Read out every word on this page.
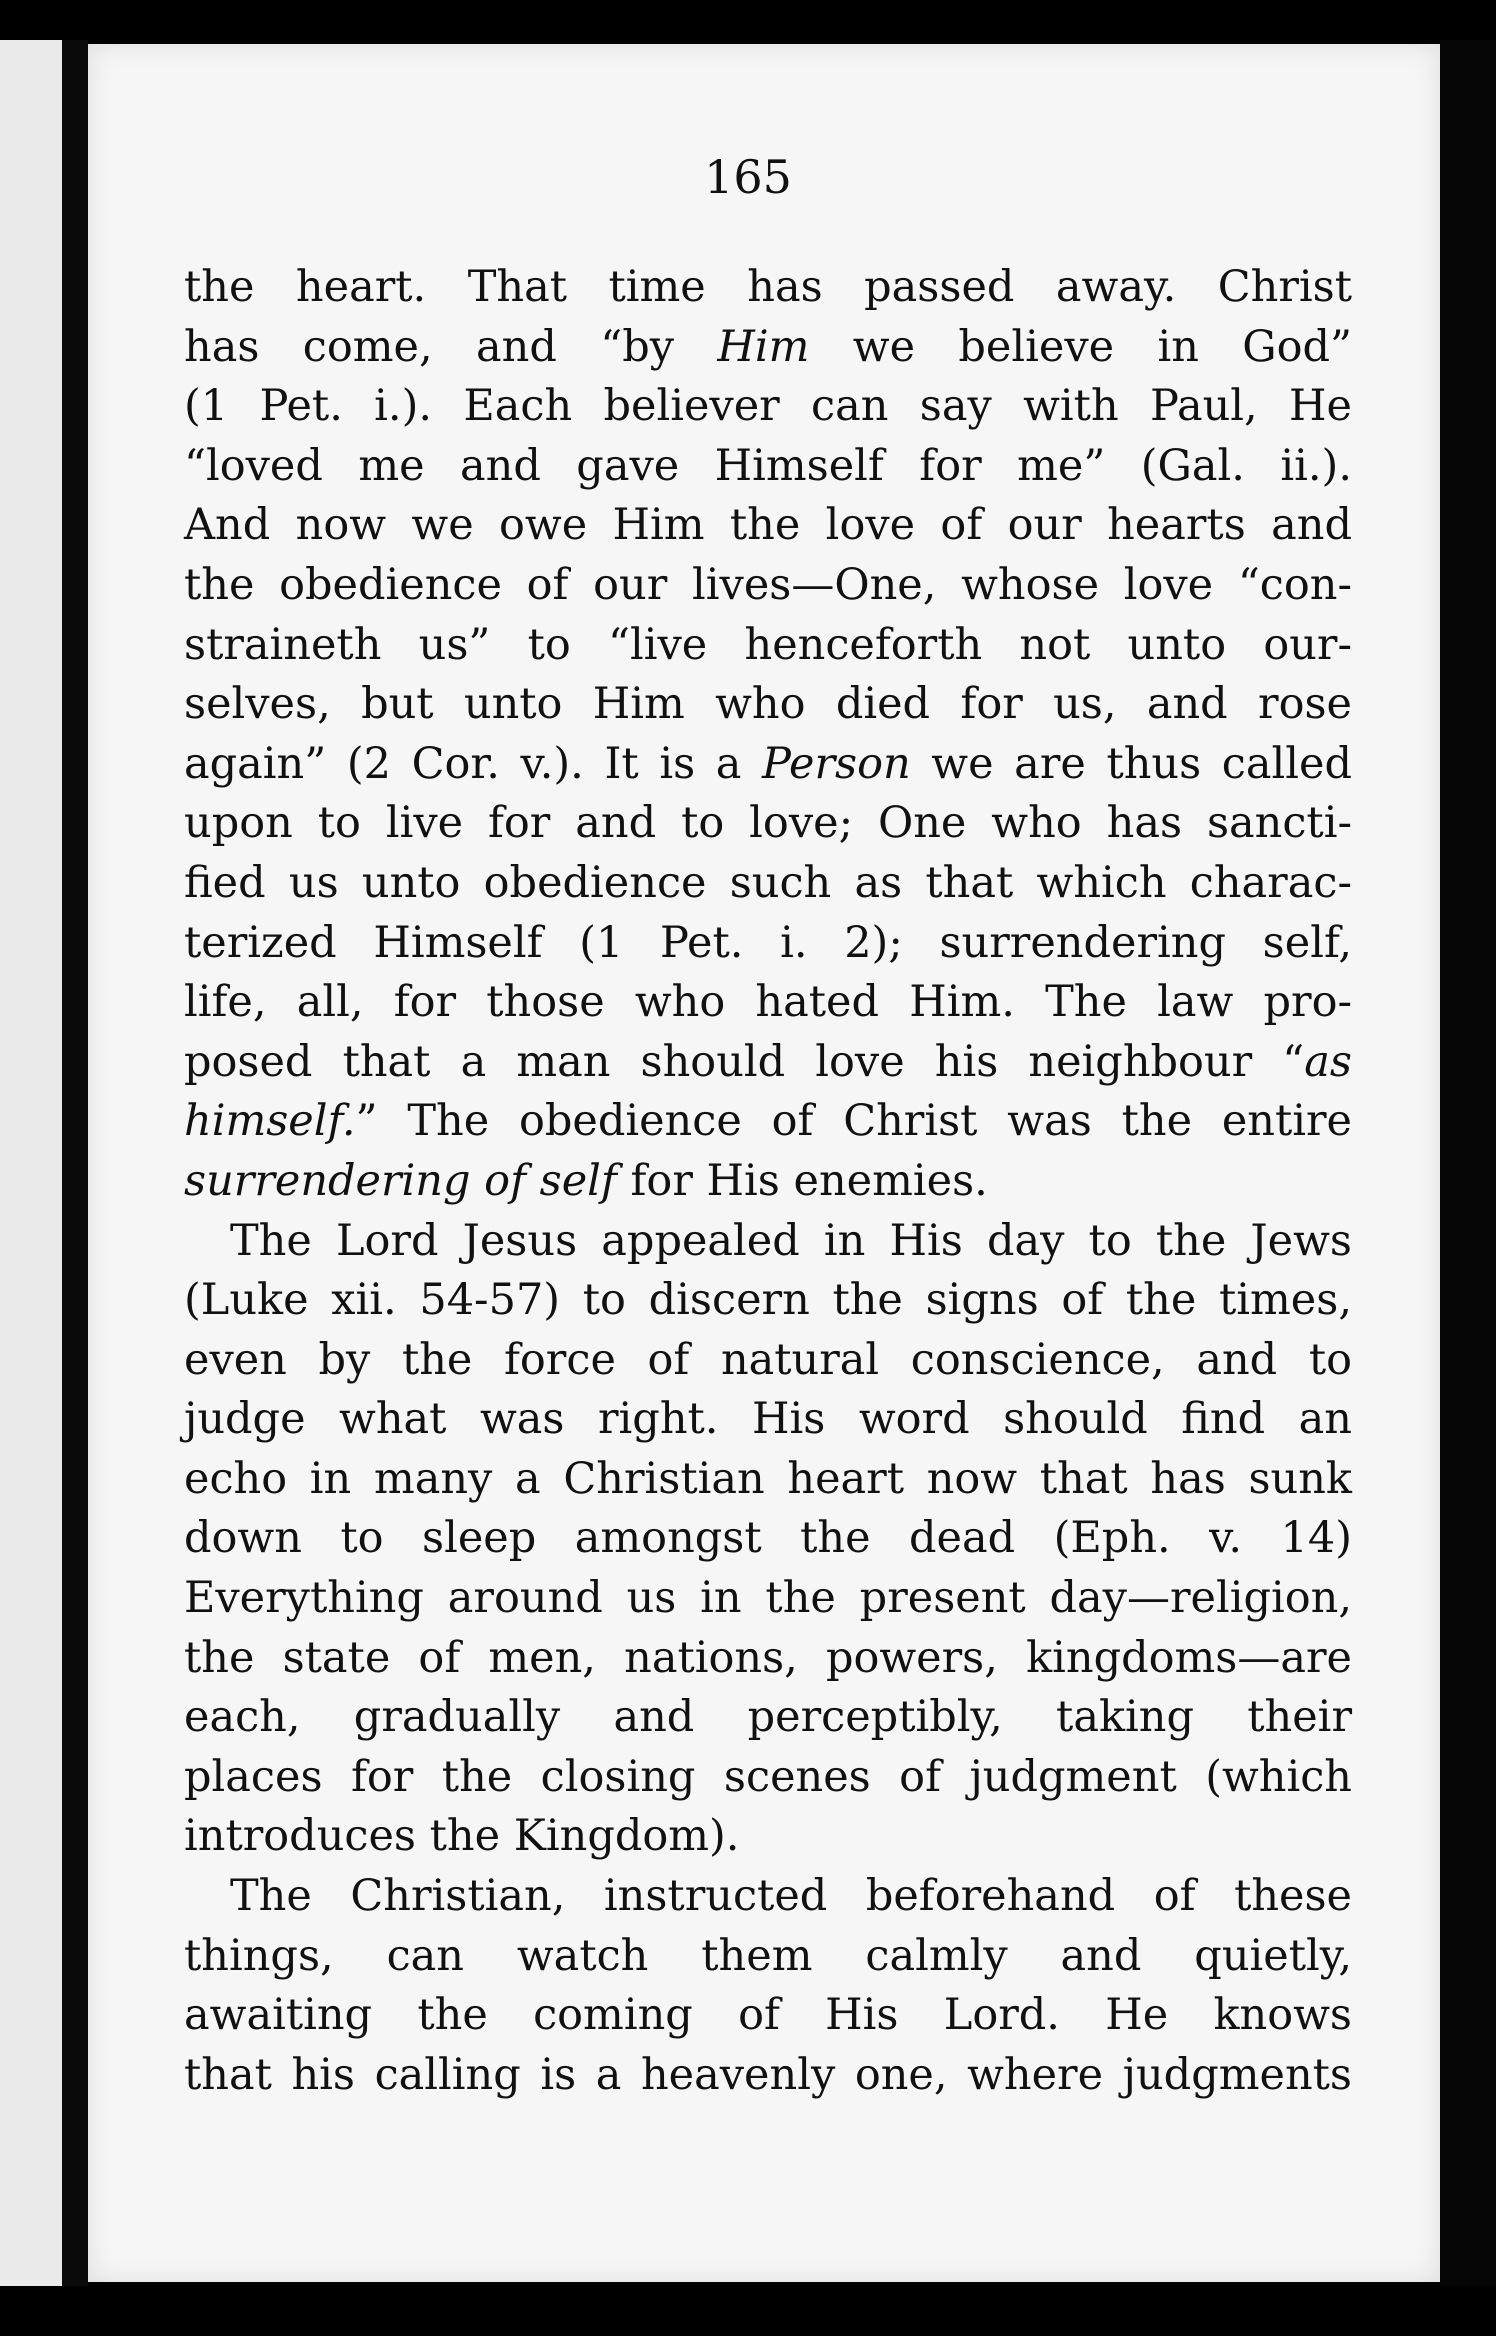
165
the heart. That time has passed away. Christ
has come, and “by Him we believe in God”
(1 Pet. i.). Each believer can say with Paul, He
“loved me and gave Himself for me” (Gal. ii.).
And now we owe Him the love of our hearts and
the obedience of our lives—One, whose love “con-
straineth us” to “live henceforth not unto our-
selves, but unto Him who died for us, and rose
again” (2 Cor. v.). It is a Person we are thus called
upon to live for and to love; One who has sancti-
fied us unto obedience such as that which charac-
terized Himself (1 Pet. i. 2); surrendering self,
life, all, for those who hated Him. The law pro-
posed that a man should love his neighbour “as
himself.” The obedience of Christ was the entire
surrendering of self for His enemies.
The Lord Jesus appealed in His day to the Jews
(Luke xii. 54-57) to discern the signs of the times,
even by the force of natural conscience, and to
judge what was right. His word should find an
echo in many a Christian heart now that has sunk
down to sleep amongst the dead (Eph. v. 14)
Everything around us in the present day—religion,
the state of men, nations, powers, kingdoms—are
each, gradually and perceptibly, taking their
places for the closing scenes of judgment (which
introduces the Kingdom).
The Christian, instructed beforehand of these
things, can watch them calmly and quietly,
awaiting the coming of His Lord. He knows
that his calling is a heavenly one, where judgments
